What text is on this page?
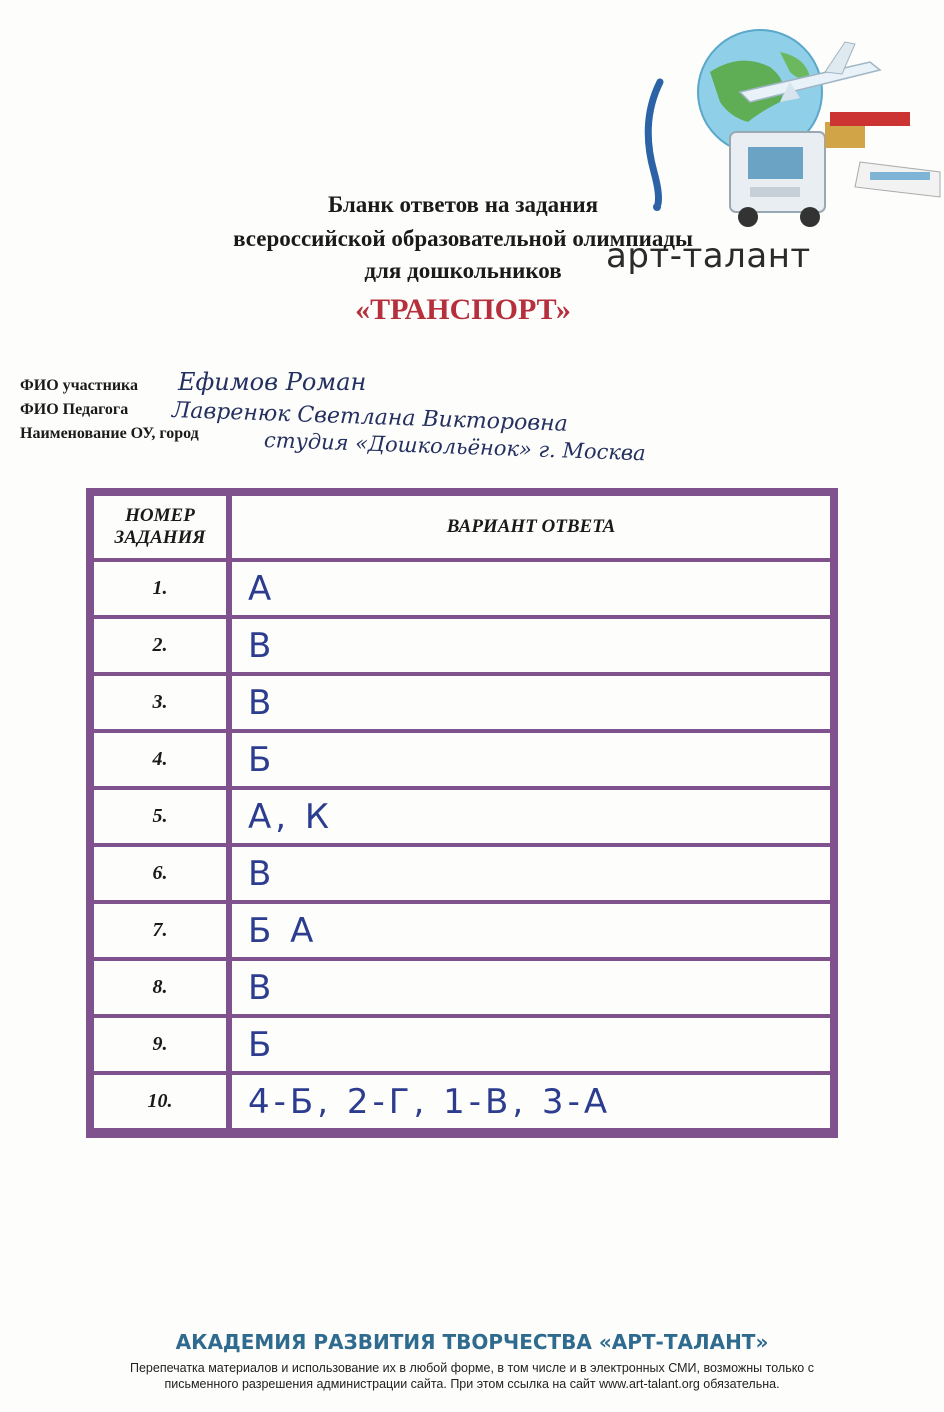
арт-талант
Бланк ответов на задания
всероссийской образовательной олимпиады
для дошкольников
«ТРАНСПОРТ»
ФИО участника Ефимов Роман
ФИО Педагога Лавренюк Светлана Викторовна
Наименование ОУ, город	студия «Дошкольёнок» г. Москва
НОМЕР
ЗАДАНИЯ
ВАРИАНТ ОТВЕТА
1.	А
2.	В
3.	В
4.	Б
5.	А, К
6.	В
7.	Б А
8.	В
9.	Б
10.	4-Б, 2-Г, 1-В, 3-А
АКАДЕМИЯ РАЗВИТИЯ ТВОРЧЕСТВА «АРТ-ТАЛАНТ»
Перепечатка материалов и использование их в любой форме, в том числе и в электронных СМИ, возможны только с
письменного разрешения администрации сайта. При этом ссылка на сайт www.art-talant.org обязательна.
